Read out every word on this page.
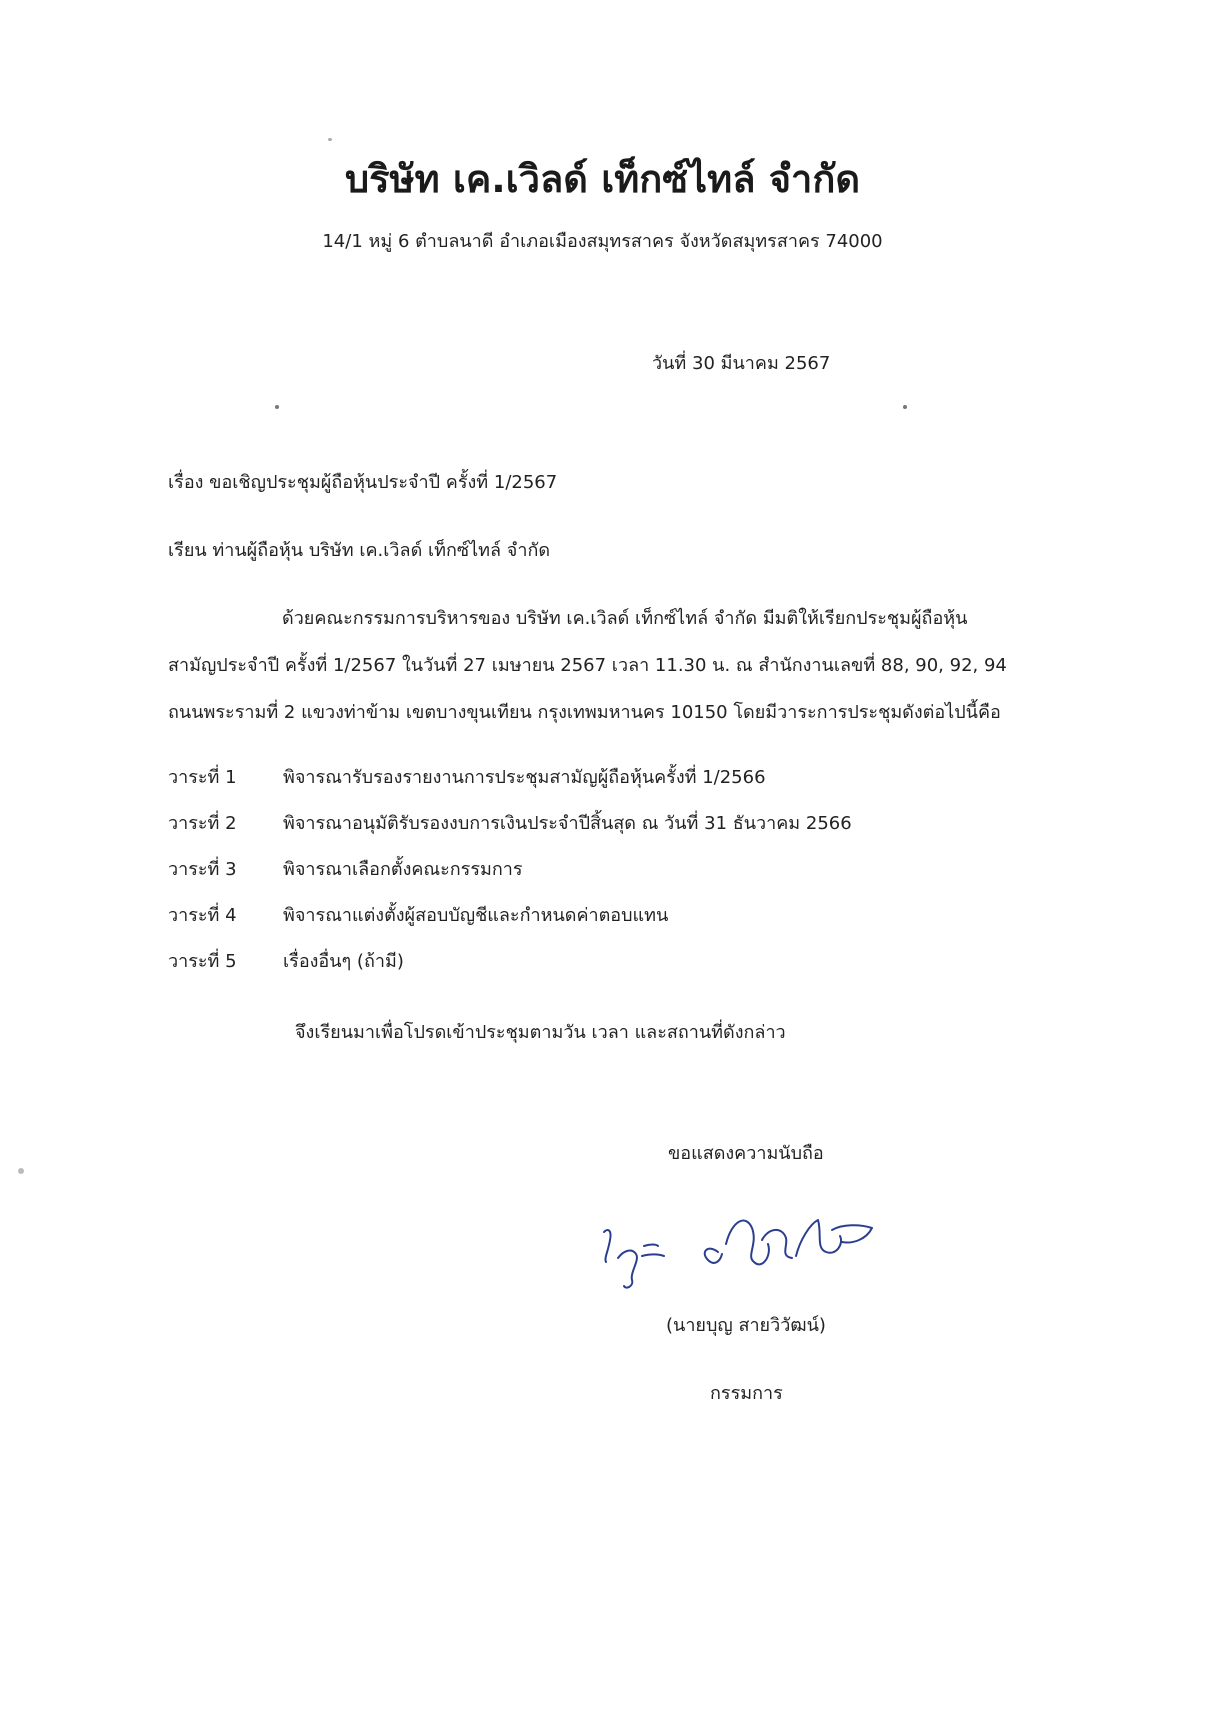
บริษัท เค.เวิลด์ เท็กซ์ไทล์ จำกัด
14/1 หมู่ 6 ตำบลนาดี อำเภอเมืองสมุทรสาคร จังหวัดสมุทรสาคร 74000
วันที่ 30 มีนาคม 2567
เรื่อง ขอเชิญประชุมผู้ถือหุ้นประจำปี ครั้งที่ 1/2567
เรียน ท่านผู้ถือหุ้น บริษัท เค.เวิลด์ เท็กซ์ไทล์ จำกัด
ด้วยคณะกรรมการบริหารของ บริษัท เค.เวิลด์ เท็กซ์ไทล์ จำกัด มีมติให้เรียกประชุมผู้ถือหุ้น
สามัญประจำปี ครั้งที่ 1/2567 ในวันที่ 27 เมษายน 2567 เวลา 11.30 น. ณ สำนักงานเลขที่ 88, 90, 92, 94
ถนนพระรามที่ 2 แขวงท่าข้าม เขตบางขุนเทียน กรุงเทพมหานคร 10150 โดยมีวาระการประชุมดังต่อไปนี้คือ
วาระที่ 1	พิจารณารับรองรายงานการประชุมสามัญผู้ถือหุ้นครั้งที่ 1/2566
วาระที่ 2	พิจารณาอนุมัติรับรองงบการเงินประจำปีสิ้นสุด ณ วันที่ 31 ธันวาคม 2566
วาระที่ 3	พิจารณาเลือกตั้งคณะกรรมการ
วาระที่ 4	พิจารณาแต่งตั้งผู้สอบบัญชีและกำหนดค่าตอบแทน
วาระที่ 5	เรื่องอื่นๆ (ถ้ามี)
จึงเรียนมาเพื่อโปรดเข้าประชุมตามวัน เวลา และสถานที่ดังกล่าว
ขอแสดงความนับถือ
(นายบุญ สายวิวัฒน์)
กรรมการ
